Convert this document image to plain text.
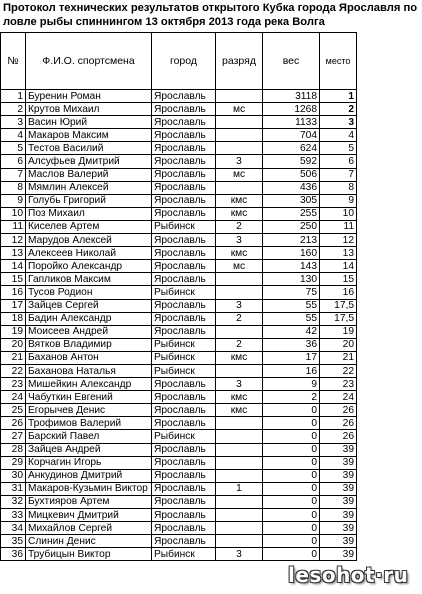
Протокол технических результатов открытого Кубка города Ярославля по ловле рыбы спиннингом 13 октября 2013 года река Волга

№	Ф.И.О. спортсмена	город	разряд	вес	место
1	Буренин Роман	Ярославль		3118	1
2	Крутов Михаил	Ярославль	мс	1268	2
3	Васин Юрий	Ярославль		1133	3
4	Макаров Максим	Ярославль		704	4
5	Тестов Василий	Ярославль		624	5
6	Алсуфьев Дмитрий	Ярославль	3	592	6
7	Маслов Валерий	Ярославль	мс	506	7
8	Мямлин Алексей	Ярославль		436	8
9	Голубь Григорий	Ярославль	кмс	305	9
10	Поз Михаил	Ярославль	кмс	255	10
11	Киселев Артем	Рыбинск	2	250	11
12	Марудов Алексей	Ярославль	3	213	12
13	Алексеев Николай	Ярославль	кмс	160	13
14	Поройко Александр	Ярославль	мс	143	14
15	Гапликов Максим	Ярославль		130	15
16	Тусов Родион	Рыбинск		75	16
17	Зайцев Сергей	Ярославль	3	55	17,5
18	Бадин Александр	Ярославль	2	55	17,5
19	Моисеев Андрей	Ярославль		42	19
20	Вятков Владимир	Рыбинск	2	36	20
21	Баханов Антон	Рыбинск	кмс	17	21
22	Баханова Наталья	Рыбинск		16	22
23	Мишейкин Александр	Ярославль	3	9	23
24	Чабуткин Евгений	Ярославль	кмс	2	24
25	Егорычев Денис	Ярославль	кмс	0	26
26	Трофимов Валерий	Ярославль		0	26
27	Барский Павел	Рыбинск		0	26
28	Зайцев Андрей	Ярославль		0	39
29	Корчагин Игорь	Ярославль		0	39
30	Анкудинов Дмитрий	Ярославль		0	39
31	Макаров-Кузьмин Виктор	Ярославль	1	0	39
32	Бухтияров Артем	Ярославль		0	39
33	Мицкевич Дмитрий	Ярославль		0	39
34	Михайлов Сергей	Ярославль		0	39
35	Слинин Денис	Ярославль		0	39
36	Трубицын Виктор	Рыбинск	3	0	39
lesohot·ru
